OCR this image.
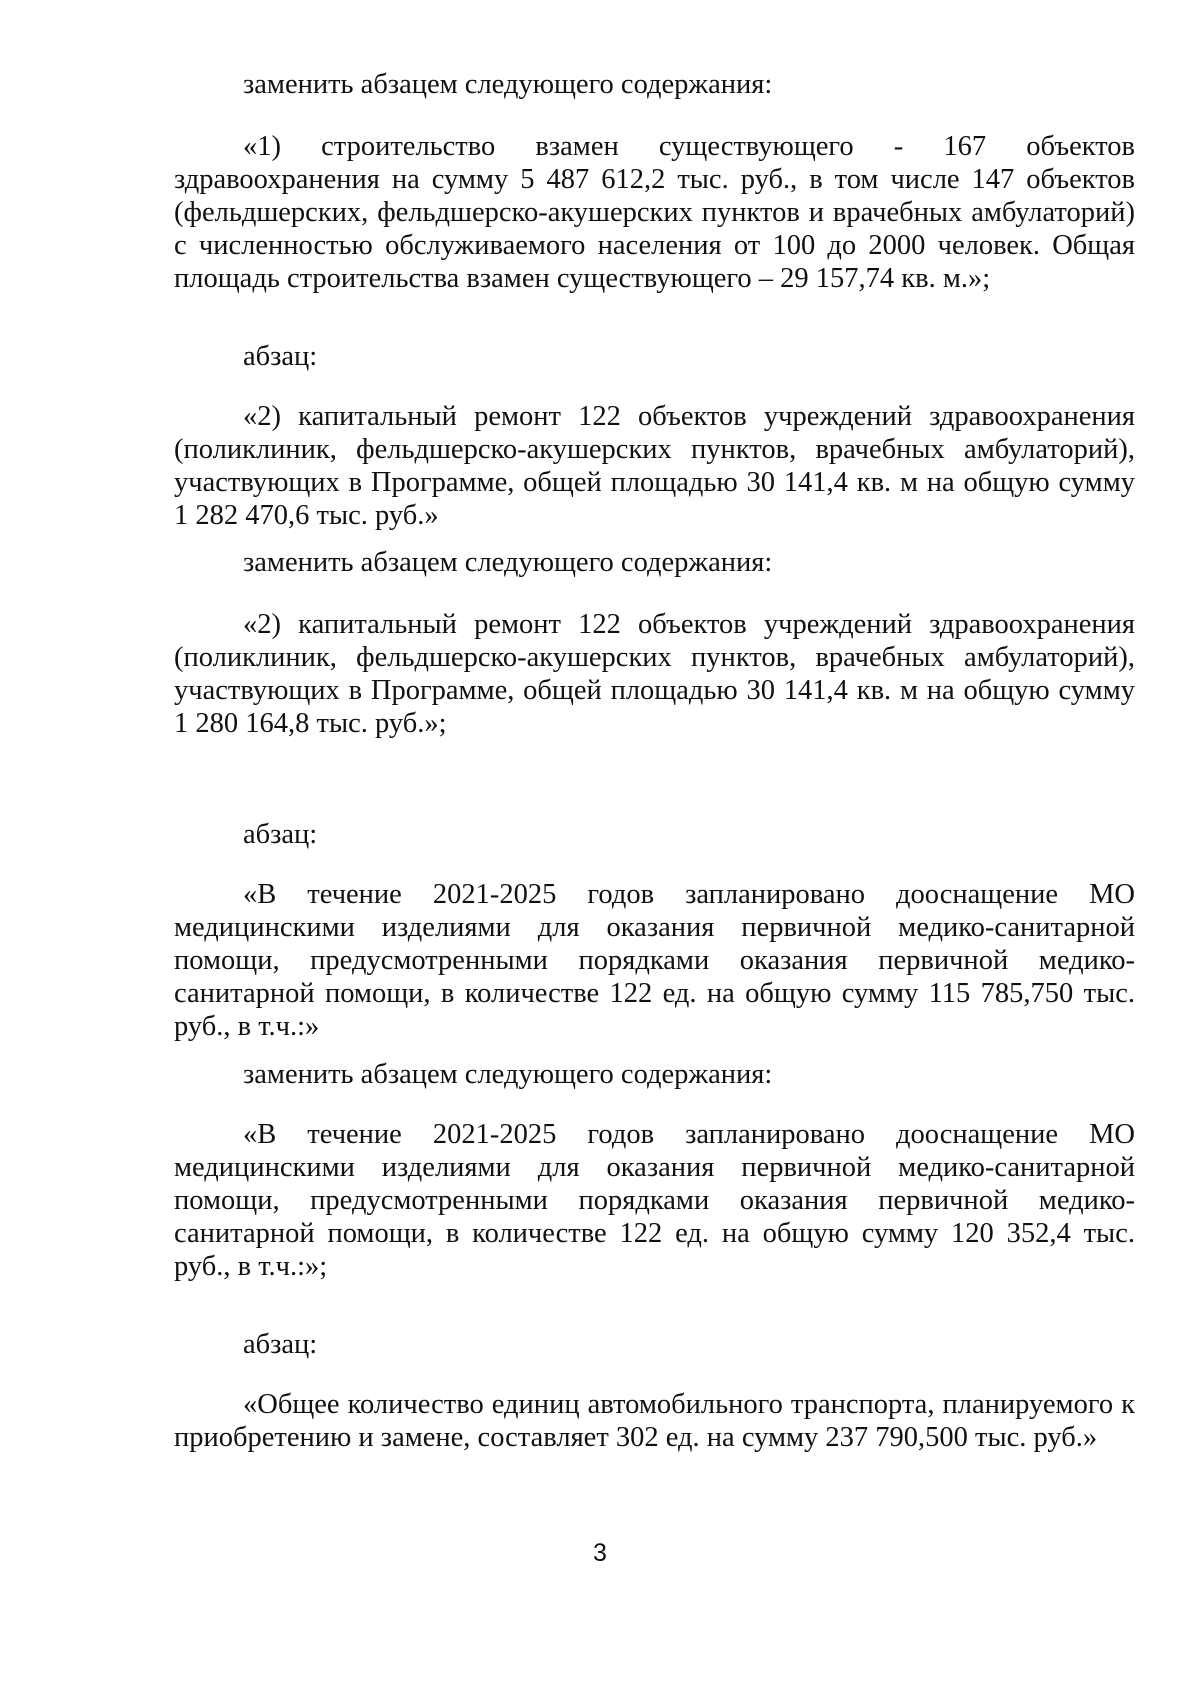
заменить абзацем следующего содержания:

«1) строительство взамен существующего - 167 объектов здравоохранения на сумму 5 487 612,2 тыс. руб., в том числе 147 объектов (фельдшерских, фельдшерско-акушерских пунктов и врачебных амбулаторий) с численностью обслуживаемого населения от 100 до 2000 человек. Общая площадь строительства взамен существующего – 29 157,74 кв. м.»;

абзац:

«2) капитальный ремонт 122 объектов учреждений здравоохранения (поликлиник, фельдшерско-акушерских пунктов, врачебных амбулаторий), участвующих в Программе, общей площадью 30 141,4 кв. м на общую сумму 1 282 470,6 тыс. руб.»

заменить абзацем следующего содержания:

«2) капитальный ремонт 122 объектов учреждений здравоохранения (поликлиник, фельдшерско-акушерских пунктов, врачебных амбулаторий), участвующих в Программе, общей площадью 30 141,4 кв. м на общую сумму 1 280 164,8 тыс. руб.»;

абзац:

«В течение 2021-2025 годов запланировано дооснащение МО медицинскими изделиями для оказания первичной медико-санитарной помощи, предусмотренными порядками оказания первичной медико-санитарной помощи, в количестве 122 ед. на общую сумму 115 785,750 тыс. руб., в т.ч.:»

заменить абзацем следующего содержания:

«В течение 2021-2025 годов запланировано дооснащение МО медицинскими изделиями для оказания первичной медико-санитарной помощи, предусмотренными порядками оказания первичной медико-санитарной помощи, в количестве 122 ед. на общую сумму 120 352,4 тыс. руб., в т.ч.:»;

абзац:

«Общее количество единиц автомобильного транспорта, планируемого к приобретению и замене, составляет 302 ед. на сумму 237 790,500 тыс. руб.»

3
